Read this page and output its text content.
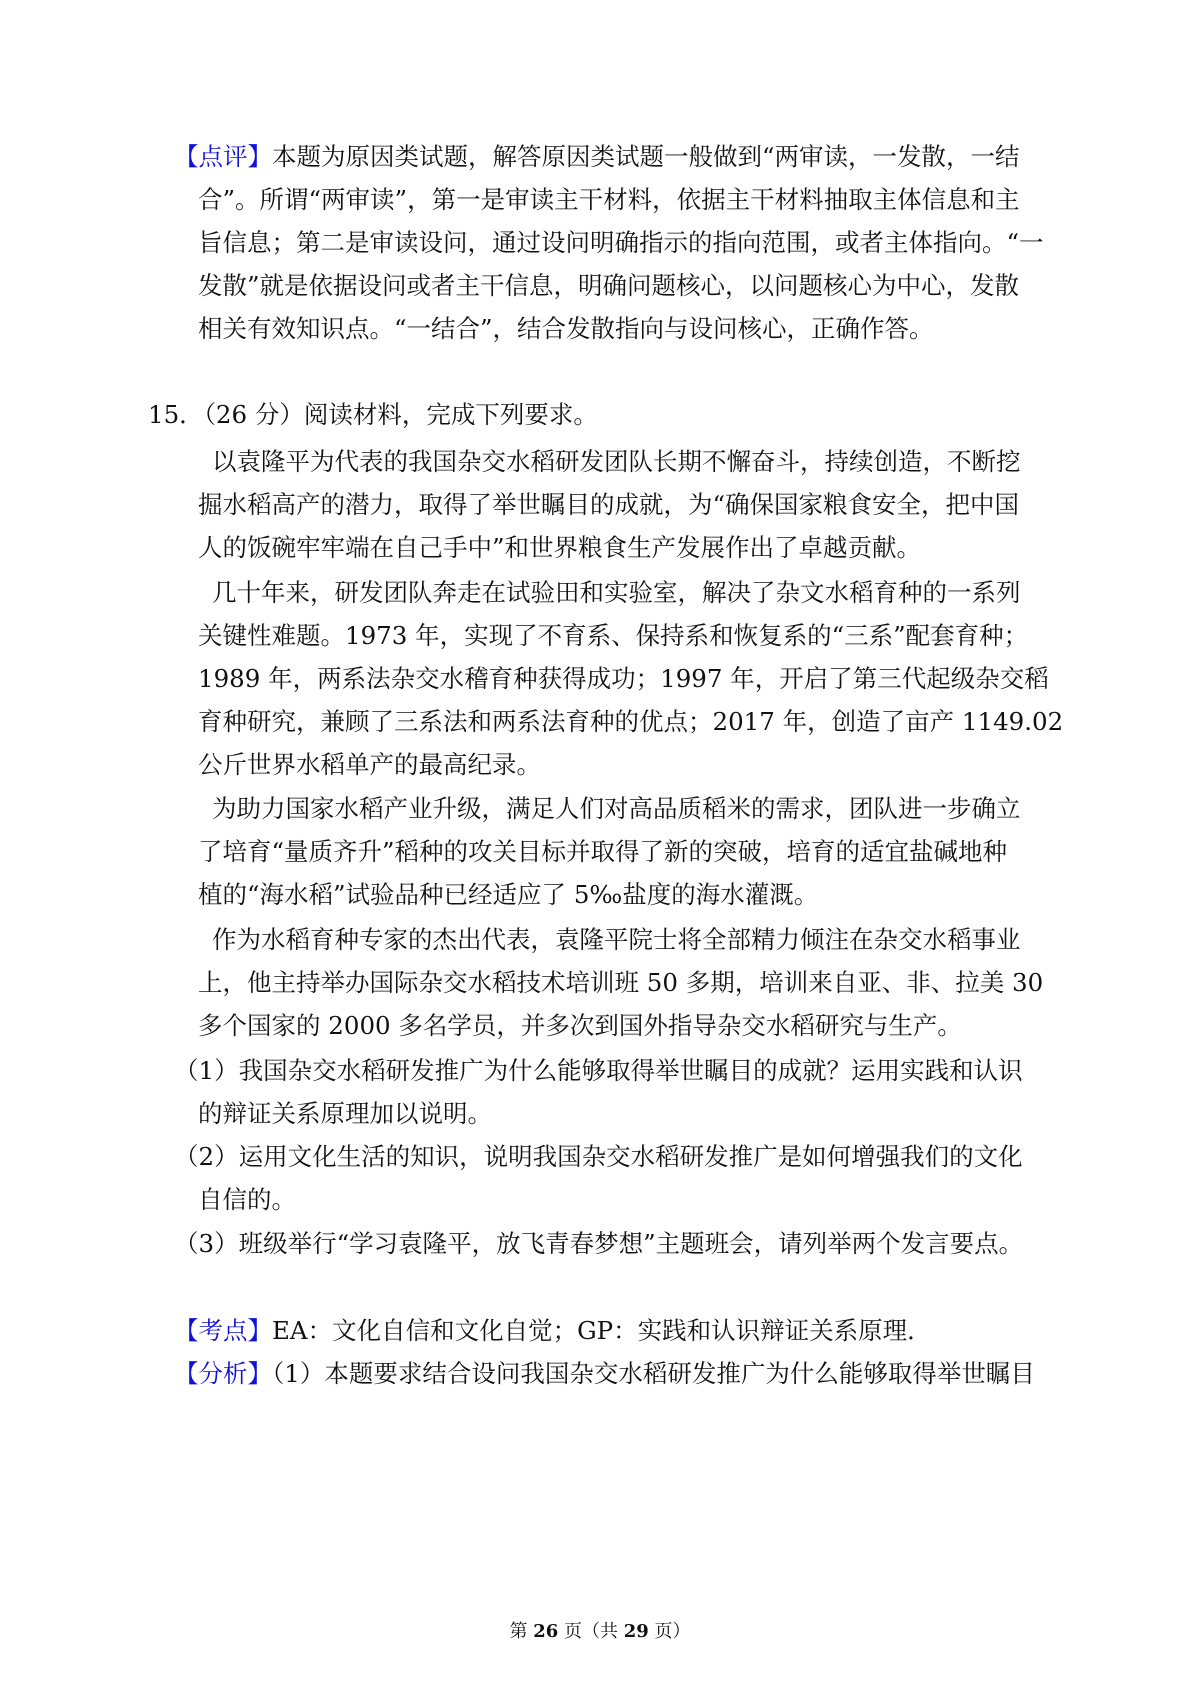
【点评】本题为原因类试题，解答原因类试题一般做到“两审读，一发散，一结
合”。所谓“两审读”，第一是审读主干材料，依据主干材料抽取主体信息和主
旨信息；第二是审读设问，通过设问明确指示的指向范围，或者主体指向。“一
发散”就是依据设问或者主干信息，明确问题核心，以问题核心为中心，发散
相关有效知识点。“一结合”，结合发散指向与设问核心，正确作答。
15．（26 分）阅读材料，完成下列要求。
以袁隆平为代表的我国杂交水稻研发团队长期不懈奋斗，持续创造，不断挖
掘水稻高产的潜力，取得了举世瞩目的成就，为“确保国家粮食安全，把中国
人的饭碗牢牢端在自己手中”和世界粮食生产发展作出了卓越贡献。
几十年来，研发团队奔走在试验田和实验室，解决了杂文水稻育种的一系列
关键性难题。1973 年，实现了不育系、保持系和恢复系的“三系”配套育种；
1989 年，两系法杂交水稽育种获得成功；1997 年，开启了第三代起级杂交稻
育种研究，兼顾了三系法和两系法育种的优点；2017 年，创造了亩产 1149.02
公斤世界水稻单产的最高纪录。
为助力国家水稻产业升级，满足人们对高品质稻米的需求，团队进一步确立
了培育“量质齐升”稻种的攻关目标并取得了新的突破，培育的适宜盐碱地种
植的“海水稻”试验品种已经适应了 5‰盐度的海水灌溉。
作为水稻育种专家的杰出代表，袁隆平院士将全部精力倾注在杂交水稻事业
上，他主持举办国际杂交水稻技术培训班 50 多期，培训来自亚、非、拉美 30
多个国家的 2000 多名学员，并多次到国外指导杂交水稻研究与生产。
（1）我国杂交水稻研发推广为什么能够取得举世瞩目的成就？运用实践和认识
的辩证关系原理加以说明。
（2）运用文化生活的知识，说明我国杂交水稻研发推广是如何增强我们的文化
自信的。
（3）班级举行“学习袁隆平，放飞青春梦想”主题班会，请列举两个发言要点。
【考点】EA：文化自信和文化自觉；GP：实践和认识辩证关系原理．
【分析】（1）本题要求结合设问我国杂交水稻研发推广为什么能够取得举世瞩目
第 26 页（共 29 页）
